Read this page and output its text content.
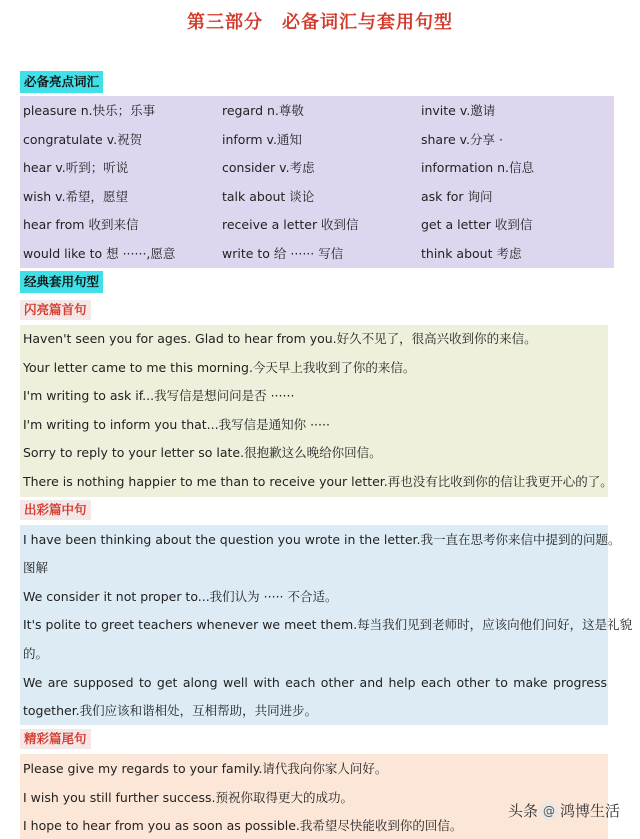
第三部分　必备词汇与套用句型
必备亮点词汇
pleasure n.快乐；乐事	regard n.尊敬	invite v.邀请
congratulate v.祝贺	inform v.通知	share v.分享 ·
hear v.听到；听说	consider v.考虑	information n.信息
wish v.希望，愿望	talk about 谈论	ask for 询问
hear from 收到来信	receive a letter 收到信	get a letter 收到信
would like to 想 ······,愿意	write to 给 ······ 写信	think about 考虑
经典套用句型
闪亮篇首句
Haven't seen you for ages. Glad to hear from you.好久不见了，很高兴收到你的来信。
Your letter came to me this morning.今天早上我收到了你的来信。
I'm writing to ask if...我写信是想问问是否 ······
I'm writing to inform you that...我写信是通知你 ·····
Sorry to reply to your letter so late.很抱歉这么晚给你回信。
There is nothing happier to me than to receive your letter.再也没有比收到你的信让我更开心的了。
出彩篇中句
I have been thinking about the question you wrote in the letter.我一直在思考你来信中提到的问题。
图解
We consider it not proper to...我们认为 ····· 不合适。
It's polite to greet teachers whenever we meet them.每当我们见到老师时，应该向他们问好，这是礼貌
的。
We are supposed to get along well with each other and help each other to make progress
together.我们应该和谐相处，互相帮助，共同进步。
精彩篇尾句
Please give my regards to your family.请代我向你家人问好。
I wish you still further success.预祝你取得更大的成功。
I hope to hear from you as soon as possible.我希望尽快能收到你的回信。
头条 @ 鸿博生活
